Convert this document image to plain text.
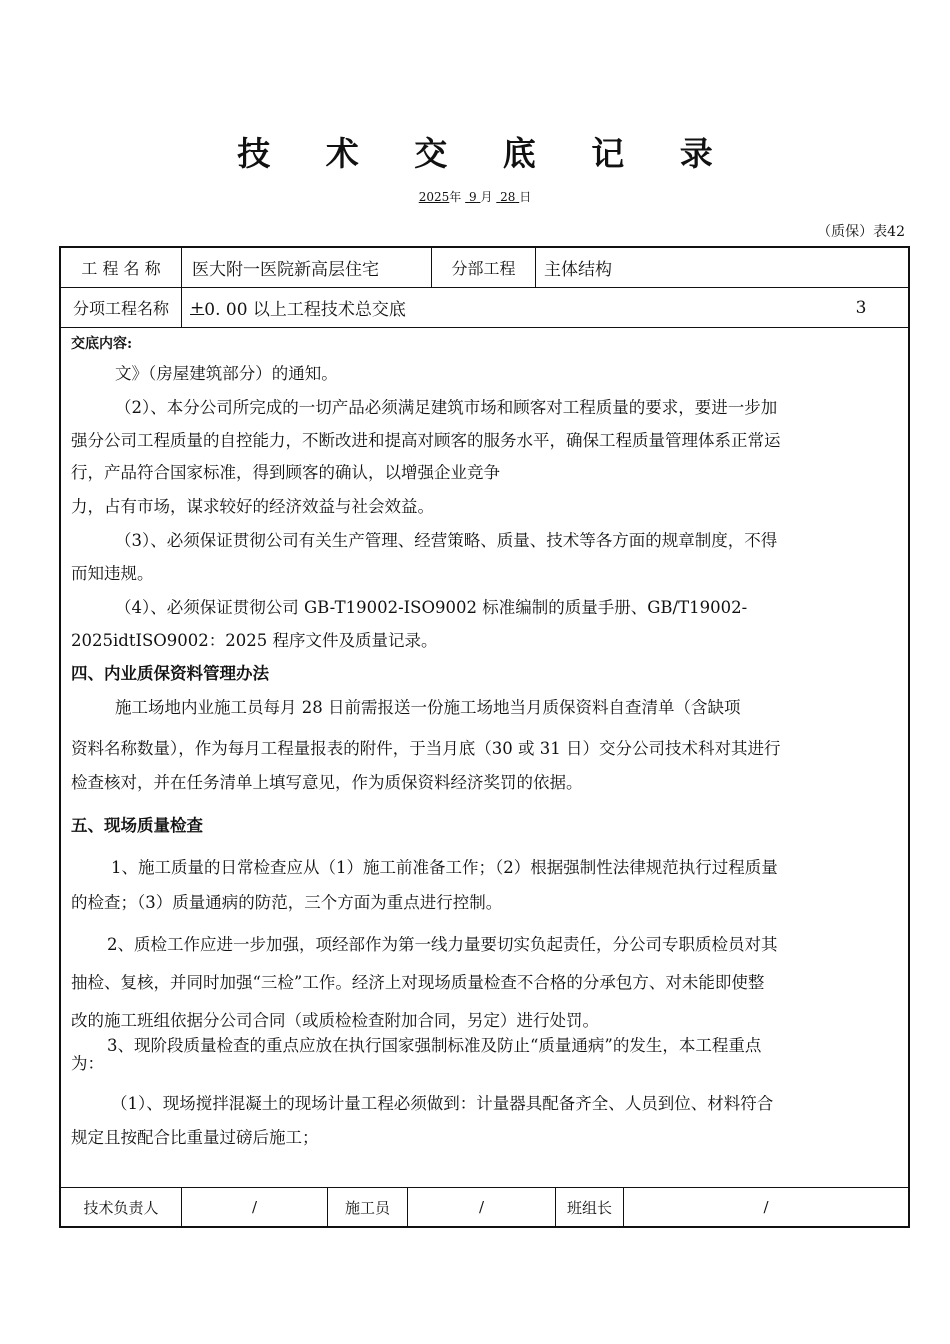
技 术 交 底 记 录
2025年 9 月 28 日
（质保）表42
工 程 名 称	医大附一医院新高层住宅	分部工程	主体结构
分项工程名称	+ 0. 00 以上工程技术总交底	3
交底内容:
文》（房屋建筑部分）的通知。
（2）、本分公司所完成的一切产品必须满足建筑市场和顾客对工程质量的要求，要进一步加
强分公司工程质量的自控能力，不断改进和提高对顾客的服务水平，确保工程质量管理体系正常运
行，产品符合国家标准，得到顾客的确认，以增强企业竞争
力，占有市场，谋求较好的经济效益与社会效益。
（3）、必须保证贯彻公司有关生产管理、经营策略、质量、技术等各方面的规章制度，不得
而知违规。
（4）、必须保证贯彻公司 GB-T19002-ISO9002 标准编制的质量手册、GB/T19002-
2025idtISO9002：2025 程序文件及质量记录。
四、内业质保资料管理办法
施工场地内业施工员每月 28 日前需报送一份施工场地当月质保资料自查清单（含缺项
资料名称数量），作为每月工程量报表的附件，于当月底（30 或 31 日）交分公司技术科对其进行
检查核对，并在任务清单上填写意见，作为质保资料经济奖罚的依据。
五、现场质量检查
1、施工质量的日常检查应从（1）施工前准备工作；（2）根据强制性法律规范执行过程质量
的检查；（3）质量通病的防范，三个方面为重点进行控制。
2、质检工作应进一步加强，项经部作为第一线力量要切实负起责任，分公司专职质检员对其
抽检、复核，并同时加强“三检”工作。经济上对现场质量检查不合格的分承包方、对未能即使整
改的施工班组依据分公司合同（或质检检查附加合同，另定）进行处罚。
3、现阶段质量检查的重点应放在执行国家强制标准及防止“质量通病”的发生，本工程重点
为：
（1）、现场搅拌混凝土的现场计量工程必须做到：计量器具配备齐全、人员到位、材料符合
规定且按配合比重量过磅后施工；
技术负责人	/	施工员	/	班组长	/
